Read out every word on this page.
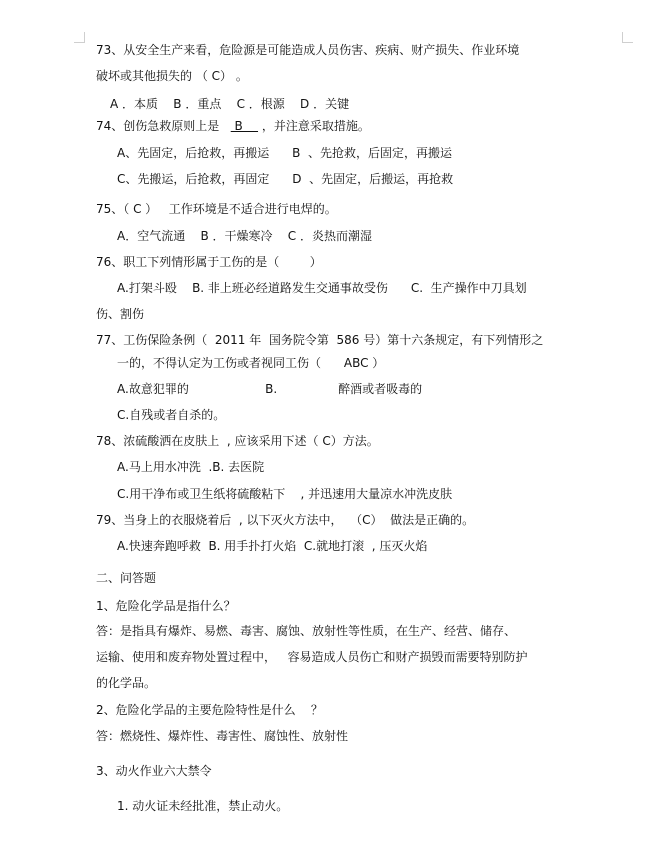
73、从安全生产来看，危险源是可能造成人员伤害、疾病、财产损失、作业环境
破坏或其他损失的 （ C） 。
A ．本质    B ．重点    C ．根源    D ．关键
74、创伤急救原则上是    B     ，并注意采取措施。
A、先固定，后抢救，再搬运      B  、先抢救，后固定，再搬运
C、先搬运，后抢救，再固定      D  、先固定，后搬运，再抢救
75、（ C ）   工作环境是不适合进行电焊的。
A．空气流通    B ．干燥寒冷    C ．炎热而潮湿
76、职工下列情形属于工伤的是（        ）
A.打架斗殴    B. 非上班必经道路发生交通事故受伤      C.  生产操作中刀具划
伤、割伤
77、工伤保险条例（  2011 年  国务院令第  586 号）第十六条规定，有下列情形之
一的，不得认定为工伤或者视同工伤（      ABC ）
A.故意犯罪的                    B.                醉酒或者吸毒的
C.自残或者自杀的。
78、浓硫酸洒在皮肤上  , 应该采用下述（ C）方法。
A.马上用水冲洗  .B. 去医院
C.用干净布或卫生纸将硫酸粘下    , 并迅速用大量凉水冲洗皮肤
79、当身上的衣服烧着后  , 以下灭火方法中，  （C）  做法是正确的。
A.快速奔跑呼救  B. 用手扑打火焰  C.就地打滚  , 压灭火焰
二、问答题
1、危险化学品是指什么？
答：是指具有爆炸、易燃、毒害、腐蚀、放射性等性质，在生产、经营、储存、
运输、使用和废弃物处置过程中，   容易造成人员伤亡和财产损毁而需要特别防护
的化学品。
2、危险化学品的主要危险特性是什么    ？
答：燃烧性、爆炸性、毒害性、腐蚀性、放射性
3、动火作业六大禁令
1. 动火证未经批准，禁止动火。
